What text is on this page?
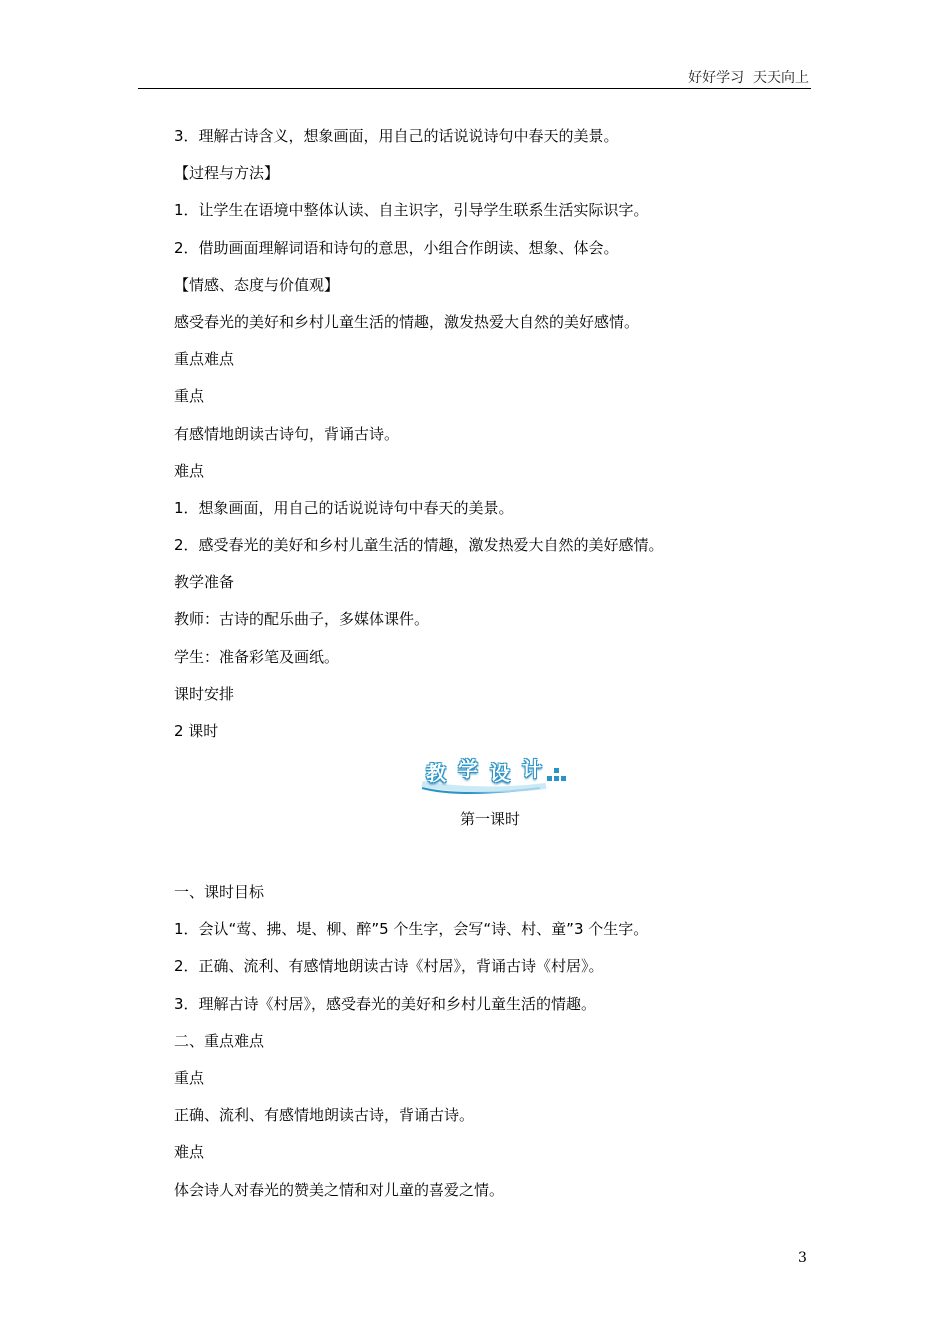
好好学习  天天向上
3．理解古诗含义，想象画面，用自己的话说说诗句中春天的美景。
【过程与方法】
1．让学生在语境中整体认读、自主识字，引导学生联系生活实际识字。
2．借助画面理解词语和诗句的意思，小组合作朗读、想象、体会。
【情感、态度与价值观】
感受春光的美好和乡村儿童生活的情趣，激发热爱大自然的美好感情。
重点难点
重点
有感情地朗读古诗句，背诵古诗。
难点
1．想象画面，用自己的话说说诗句中春天的美景。
2．感受春光的美好和乡村儿童生活的情趣，激发热爱大自然的美好感情。
教学准备
教师：古诗的配乐曲子，多媒体课件。
学生：准备彩笔及画纸。
课时安排
2 课时
教 学 设 计
第一课时
一、课时目标
1．会认“莺、拂、堤、柳、醉”5 个生字，会写“诗、村、童”3 个生字。
2．正确、流利、有感情地朗读古诗《村居》，背诵古诗《村居》。
3．理解古诗《村居》，感受春光的美好和乡村儿童生活的情趣。
二、重点难点
重点
正确、流利、有感情地朗读古诗，背诵古诗。
难点
体会诗人对春光的赞美之情和对儿童的喜爱之情。
3
